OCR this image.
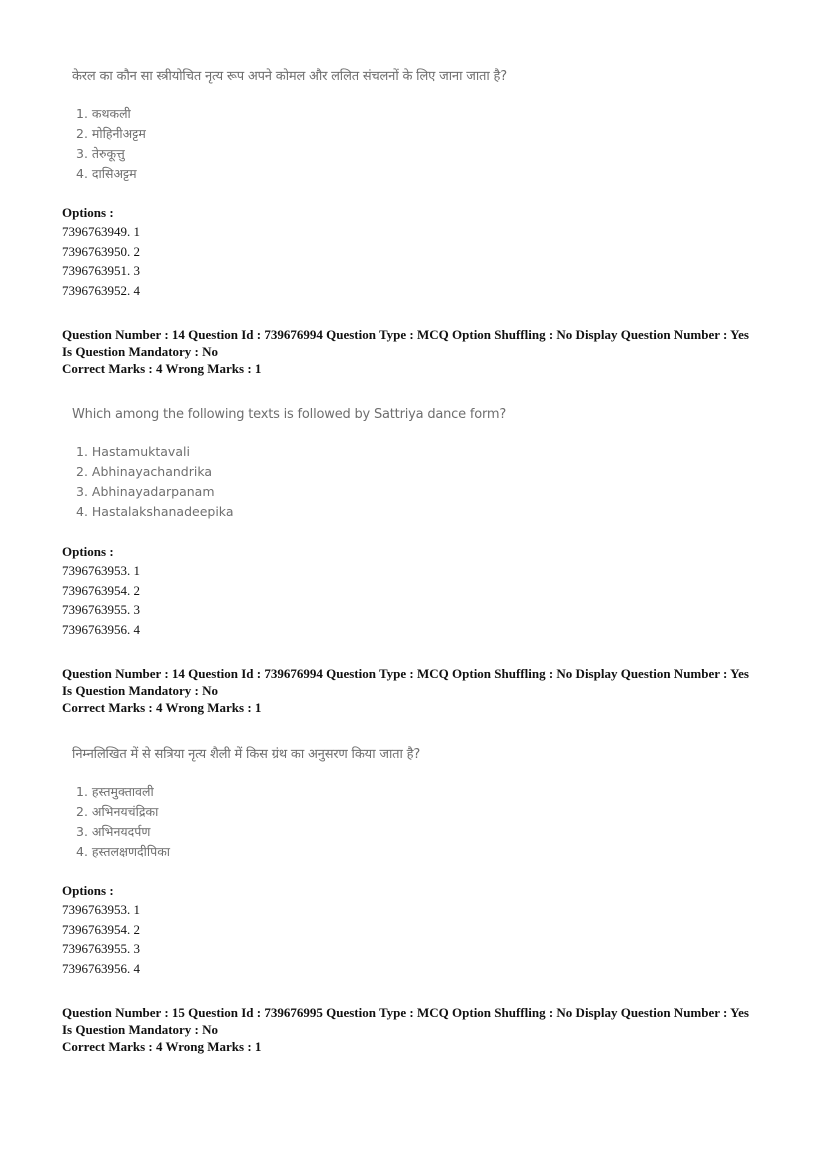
केरल का कौन सा स्त्रीयोचित नृत्य रूप अपने कोमल और ललित संचलनों के लिए जाना जाता है?

1. कथकली
2. मोहिनीअट्टम
3. तेरुकूत्तु
4. दासिअट्टम
Options :
7396763949. 1
7396763950. 2
7396763951. 3
7396763952. 4
Question Number : 14 Question Id : 739676994 Question Type : MCQ Option Shuffling : No Display Question Number : Yes
Is Question Mandatory : No
Correct Marks : 4 Wrong Marks : 1

Which among the following texts is followed by Sattriya dance form?

1. Hastamuktavali
2. Abhinayachandrika
3. Abhinayadarpanam
4. Hastalakshanadeepika
Options :
7396763953. 1
7396763954. 2
7396763955. 3
7396763956. 4
Question Number : 14 Question Id : 739676994 Question Type : MCQ Option Shuffling : No Display Question Number : Yes
Is Question Mandatory : No
Correct Marks : 4 Wrong Marks : 1

निम्नलिखित में से सत्रिया नृत्य शैली में किस ग्रंथ का अनुसरण किया जाता है?

1. हस्तमुक्तावली
2. अभिनयचंद्रिका
3. अभिनयदर्पण
4. हस्तलक्षणदीपिका
Options :
7396763953. 1
7396763954. 2
7396763955. 3
7396763956. 4
Question Number : 15 Question Id : 739676995 Question Type : MCQ Option Shuffling : No Display Question Number : Yes
Is Question Mandatory : No
Correct Marks : 4 Wrong Marks : 1
